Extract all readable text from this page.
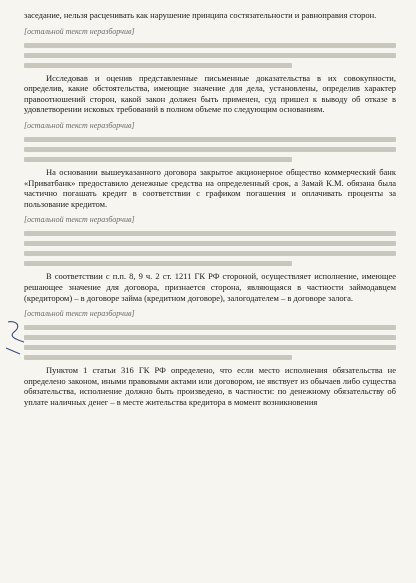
заседание, нельзя расценивать как нарушение принципа состязательности и равноправия сторон.

[остальной текст неразборчив]

Исследовав и оценив представленные письменные доказательства в их совокупности, определив, какие обстоятельства, имеющие значение для дела, установлены, определив характер правоотношений сторон, какой закон должен быть применен, суд пришел к выводу об отказе в удовлетворении исковых требований в полном объеме по следующим основаниям.

[остальной текст неразборчив]

На основании вышеуказанного договора закрытое акционерное общество коммерческий банк «Приватбанк» предоставило денежные средства на определенный срок, а Замай К.М. обязана была частично погашать кредит в соответствии с графиком погашения и оплачивать проценты за пользование кредитом.

[остальной текст неразборчив]

В соответствии с п.п. 8, 9 ч. 2 ст. 1211 ГК РФ стороной, осуществляет исполнение, имеющее решающее значение для договора, признается сторона, являющаяся в частности займодавцем (кредитором) – в договоре займа (кредитном договоре), залогодателем – в договоре залога.

[остальной текст неразборчив]

Пунктом 1 статьи 316 ГК РФ определено, что если место исполнения обязательства не определено законом, иными правовыми актами или договором, не явствует из обычаев либо существа обязательства, исполнение должно быть произведено, в частности: по денежному обязательству об уплате наличных денег – в месте жительства кредитора в момент возникновения
